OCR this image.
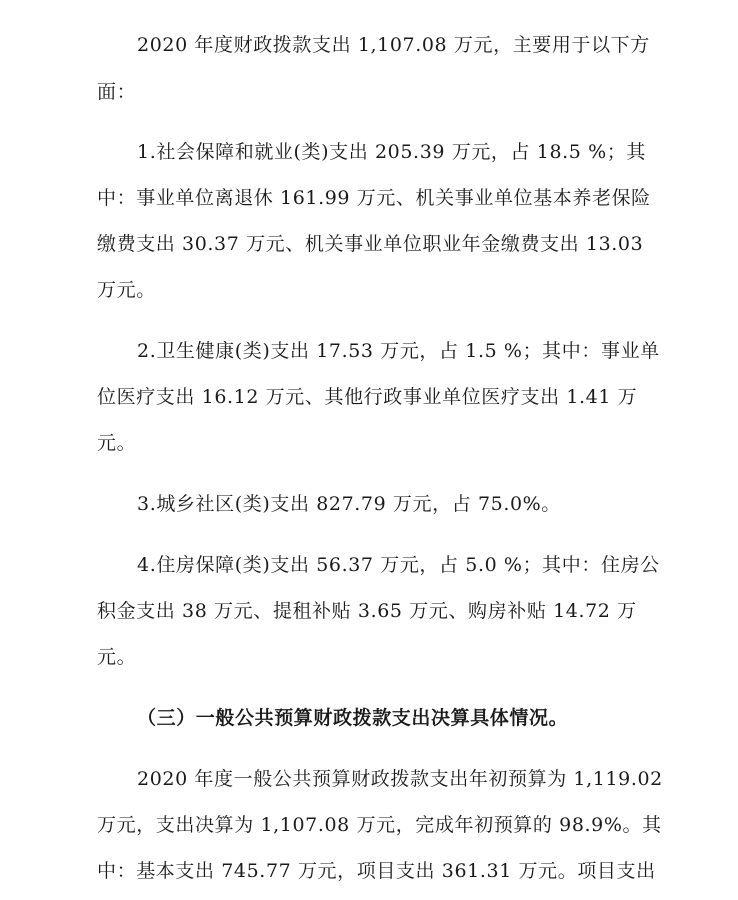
2020 年度财政拨款支出 1,107.08 万元，主要用于以下方
面：
1.社会保障和就业(类)支出 205.39 万元，占 18.5 %；其
中：事业单位离退休 161.99 万元、机关事业单位基本养老保险
缴费支出 30.37 万元、机关事业单位职业年金缴费支出 13.03
万元。
2.卫生健康(类)支出 17.53 万元，占 1.5 %；其中：事业单
位医疗支出 16.12 万元、其他行政事业单位医疗支出 1.41 万
元。
3.城乡社区(类)支出 827.79 万元，占 75.0%。
4.住房保障(类)支出 56.37 万元，占 5.0 %；其中：住房公
积金支出 38 万元、提租补贴 3.65 万元、购房补贴 14.72 万
元。
（三）一般公共预算财政拨款支出决算具体情况。
2020 年度一般公共预算财政拨款支出年初预算为 1,119.02
万元，支出决算为 1,107.08 万元，完成年初预算的 98.9%。其
中：基本支出 745.77 万元，项目支出 361.31 万元。项目支出
